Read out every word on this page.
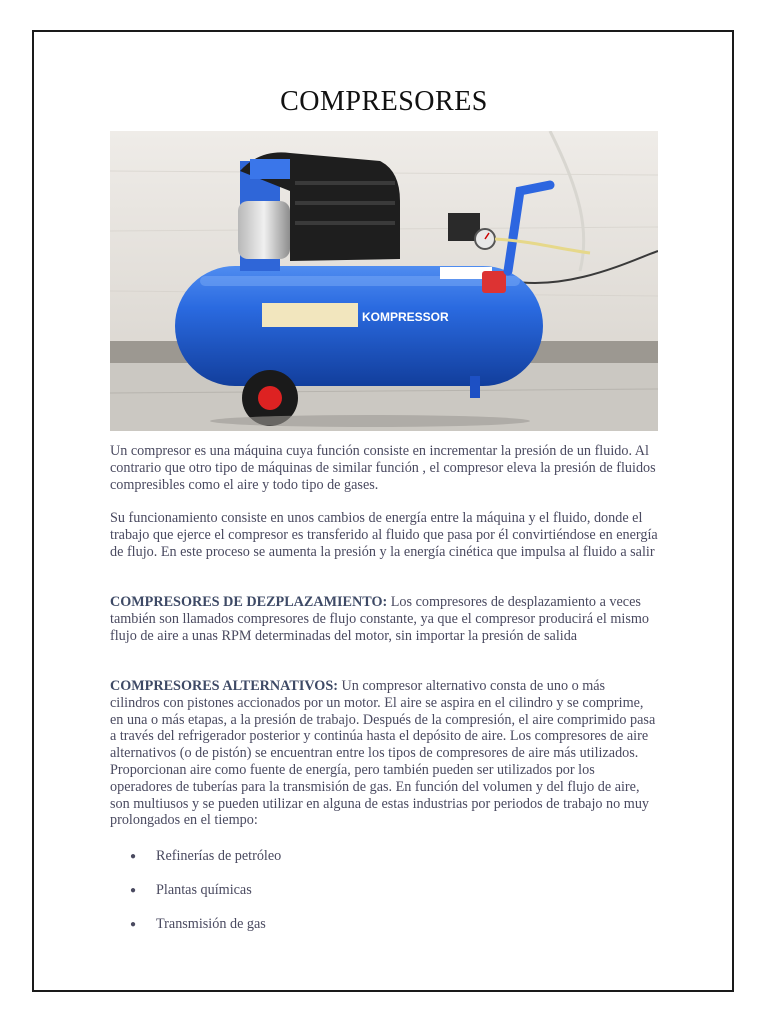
COMPRESORES
KOMPRESSOR
Un compresor es una máquina cuya función consiste en incrementar la presión de un fluido. Al contrario que otro tipo de máquinas de similar función , el compresor eleva la presión de fluidos compresibles como el aire y todo tipo de gases.
Su funcionamiento consiste en unos cambios de energía entre la máquina y el fluido, donde el trabajo que ejerce el compresor es transferido al fluido que pasa por él convirtiéndose en energía de flujo. En este proceso se aumenta la presión y la energía cinética que impulsa al fluido a salir
COMPRESORES DE DEZPLAZAMIENTO: Los compresores de desplazamiento a veces también son llamados compresores de flujo constante, ya que el compresor producirá el mismo flujo de aire a unas RPM determinadas del motor, sin importar la presión de salida
COMPRESORES ALTERNATIVOS: Un compresor alternativo consta de uno o más cilindros con pistones accionados por un motor. El aire se aspira en el cilindro y se comprime, en una o más etapas, a la presión de trabajo. Después de la compresión, el aire comprimido pasa a través del refrigerador posterior y continúa hasta el depósito de aire. Los compresores de aire alternativos (o de pistón) se encuentran entre los tipos de compresores de aire más utilizados. Proporcionan aire como fuente de energía, pero también pueden ser utilizados por los operadores de tuberías para la transmisión de gas. En función del volumen y del flujo de aire, son multiusos y se pueden utilizar en alguna de estas industrias por periodos de trabajo no muy prolongados en el tiempo:
●	Refinerías de petróleo
●	Plantas químicas
●	Transmisión de gas
